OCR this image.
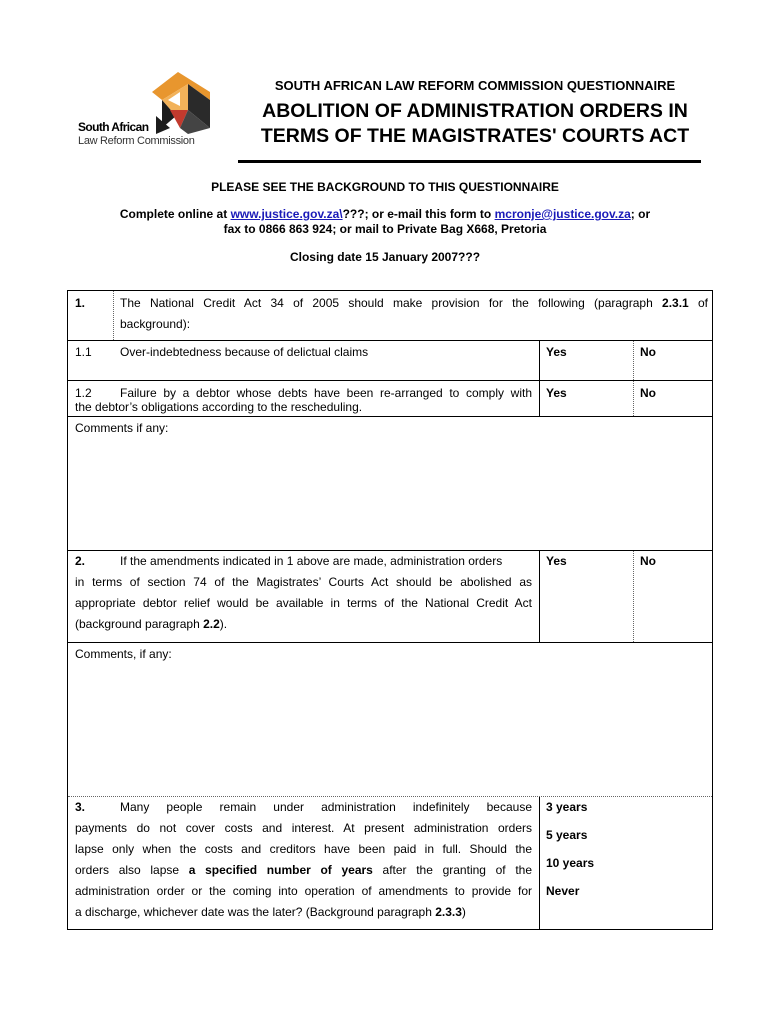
South African
Law Reform Commission
SOUTH AFRICAN LAW REFORM COMMISSION QUESTIONNAIRE
ABOLITION OF ADMINISTRATION ORDERS IN
TERMS OF THE MAGISTRATES' COURTS ACT
PLEASE SEE THE BACKGROUND TO THIS QUESTIONNAIRE
Complete online at www.justice.gov.za\???; or e-mail this form to mcronje@justice.gov.za; or
fax to 0866 863 924; or mail to Private Bag X668, Pretoria
Closing date 15 January 2007???
1.	The National Credit Act 34 of 2005 should make provision for the following (paragraph 2.3.1 of
background):
1.1 Over-indebtedness because of delictual claims	Yes	No
1.2 Failure by a debtor whose debts have been re-arranged to comply with
the debtor’s obligations according to the rescheduling.
Yes	No
Comments if any:
2.	If the amendments indicated in 1 above are made, administration orders
in terms of section 74 of the Magistrates’ Courts Act should be abolished as
appropriate debtor relief would be available in terms of the National Credit Act
(background paragraph 2.2).
Yes	No
Comments, if any:
3.	Many people remain under administration indefinitely because
payments do not cover costs and interest. At present administration orders
lapse only when the costs and creditors have been paid in full. Should the
orders also lapse a specified number of years after the granting of the
administration order or the coming into operation of amendments to provide for
a discharge, whichever date was the later? (Background paragraph 2.3.3)
3 years
5 years
10 years
Never
